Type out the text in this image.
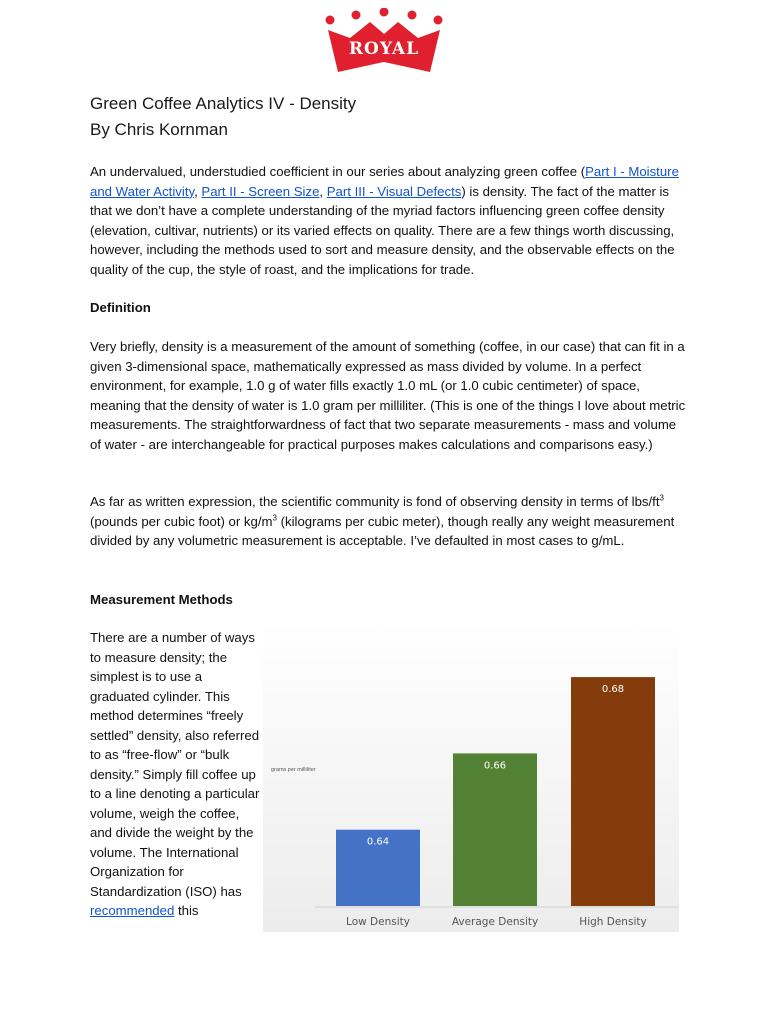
ROYAL
Green Coffee Analytics IV - Density
By Chris Kornman
An undervalued, understudied coefficient in our series about analyzing green coffee (Part I - Moisture and Water Activity, Part II - Screen Size, Part III - Visual Defects) is density. The fact of the matter is that we don’t have a complete understanding of the myriad factors influencing green coffee density (elevation, cultivar, nutrients) or its varied effects on quality. There are a few things worth discussing, however, including the methods used to sort and measure density, and the observable effects on the quality of the cup, the style of roast, and the implications for trade.
Definition
Very briefly, density is a measurement of the amount of something (coffee, in our case) that can fit in a given 3-dimensional space, mathematically expressed as mass divided by volume. In a perfect environment, for example, 1.0 g of water fills exactly 1.0 mL (or 1.0 cubic centimeter) of space, meaning that the density of water is 1.0 gram per milliliter. (This is one of the things I love about metric measurements. The straightforwardness of fact that two separate measurements - mass and volume of water - are interchangeable for practical purposes makes calculations and comparisons easy.)
As far as written expression, the scientific community is fond of observing density in terms of lbs/$ft^3$ (pounds per cubic foot) or $kg/m^3$ (kilograms per cubic meter), though really any weight measurement divided by any volumetric measurement is acceptable. I’ve defaulted in most cases to g/mL.
Measurement Methods
There are a number of ways to measure density; the simplest is to use a graduated cylinder. This method determines “freely settled” density, also referred to as “free-flow” or “bulk density.” Simply fill coffee up to a line denoting a particular volume, weigh the coffee, and divide the weight by the volume. The International Organization for Standardization (ISO) has recommended this
grams per milliliter
0.64
Low Density
0.66
Average Density
0.68
High Density
